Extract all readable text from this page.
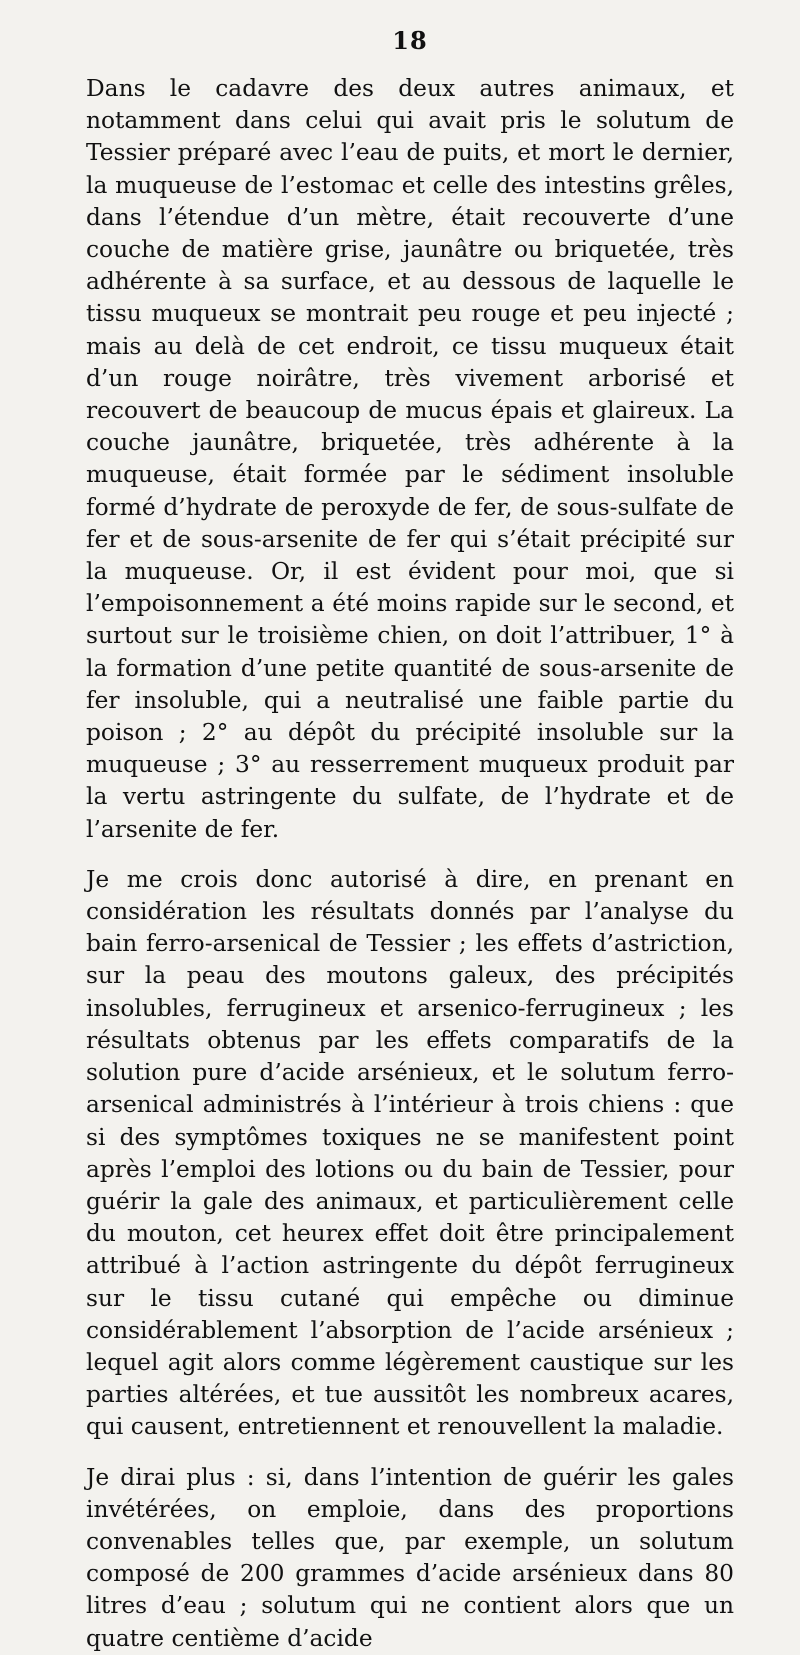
18

Dans le cadavre des deux autres animaux, et notamment dans celui qui avait pris le solutum de Tessier préparé avec l’eau de puits, et mort le dernier, la muqueuse de l’estomac et celle des intestins grêles, dans l’étendue d’un mètre, était recouverte d’une couche de matière grise, jaunâtre ou briquetée, très adhérente à sa surface, et au dessous de laquelle le tissu muqueux se montrait peu rouge et peu injecté ; mais au delà de cet endroit, ce tissu muqueux était d’un rouge noirâtre, très vivement arborisé et recouvert de beaucoup de mucus épais et glaireux. La couche jaunâtre, briquetée, très adhérente à la muqueuse, était formée par le sédiment insoluble formé d’hydrate de peroxyde de fer, de sous-sulfate de fer et de sous-arsenite de fer qui s’était précipité sur la muqueuse. Or, il est évident pour moi, que si l’empoisonnement a été moins rapide sur le second, et surtout sur le troisième chien, on doit l’attribuer, 1° à la formation d’une petite quantité de sous-arsenite de fer insoluble, qui a neutralisé une faible partie du poison ; 2° au dépôt du précipité insoluble sur la muqueuse ; 3° au resserrement muqueux produit par la vertu astringente du sulfate, de l’hydrate et de l’arsenite de fer.

Je me crois donc autorisé à dire, en prenant en considération les résultats donnés par l’analyse du bain ferro-arsenical de Tessier ; les effets d’astriction, sur la peau des moutons galeux, des précipités insolubles, ferrugineux et arsenico-ferrugineux ; les résultats obtenus par les effets comparatifs de la solution pure d’acide arsénieux, et le solutum ferro-arsenical administrés à l’intérieur à trois chiens : que si des symptômes toxiques ne se manifestent point après l’emploi des lotions ou du bain de Tessier, pour guérir la gale des animaux, et particulièrement celle du mouton, cet heurex effet doit être principalement attribué à l’action astringente du dépôt ferrugineux sur le tissu cutané qui empêche ou diminue considérablement l’absorption de l’acide arsénieux ; lequel agit alors comme légèrement caustique sur les parties altérées, et tue aussitôt les nombreux acares, qui causent, entretiennent et renouvellent la maladie.

Je dirai plus : si, dans l’intention de guérir les gales invétérées, on emploie, dans des proportions convenables telles que, par exemple, un solutum composé de 200 grammes d’acide arsénieux dans 80 litres d’eau ; solutum qui ne contient alors que un quatre centième d’acide
